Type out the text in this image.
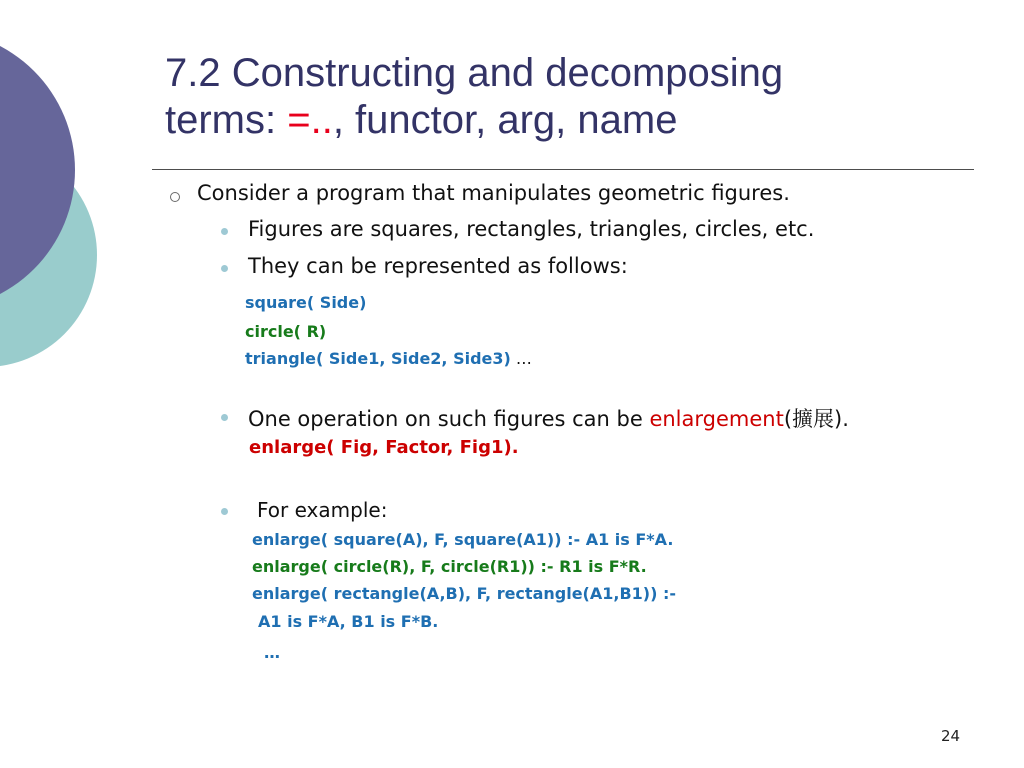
7.2 Constructing and decomposing
terms: =.., functor, arg, name
Consider a program that manipulates geometric figures.
Figures are squares, rectangles, triangles, circles, etc.
They can be represented as follows:
square( Side)
circle( R)
triangle( Side1, Side2, Side3) …
One operation on such figures can be enlargement(擴展).
enlarge( Fig, Factor, Fig1).
For example:
enlarge( square(A), F, square(A1)) :- A1 is F*A.
enlarge( circle(R), F, circle(R1)) :- R1 is F*R.
enlarge( rectangle(A,B), F, rectangle(A1,B1)) :-
A1 is F*A, B1 is F*B.
…
24
